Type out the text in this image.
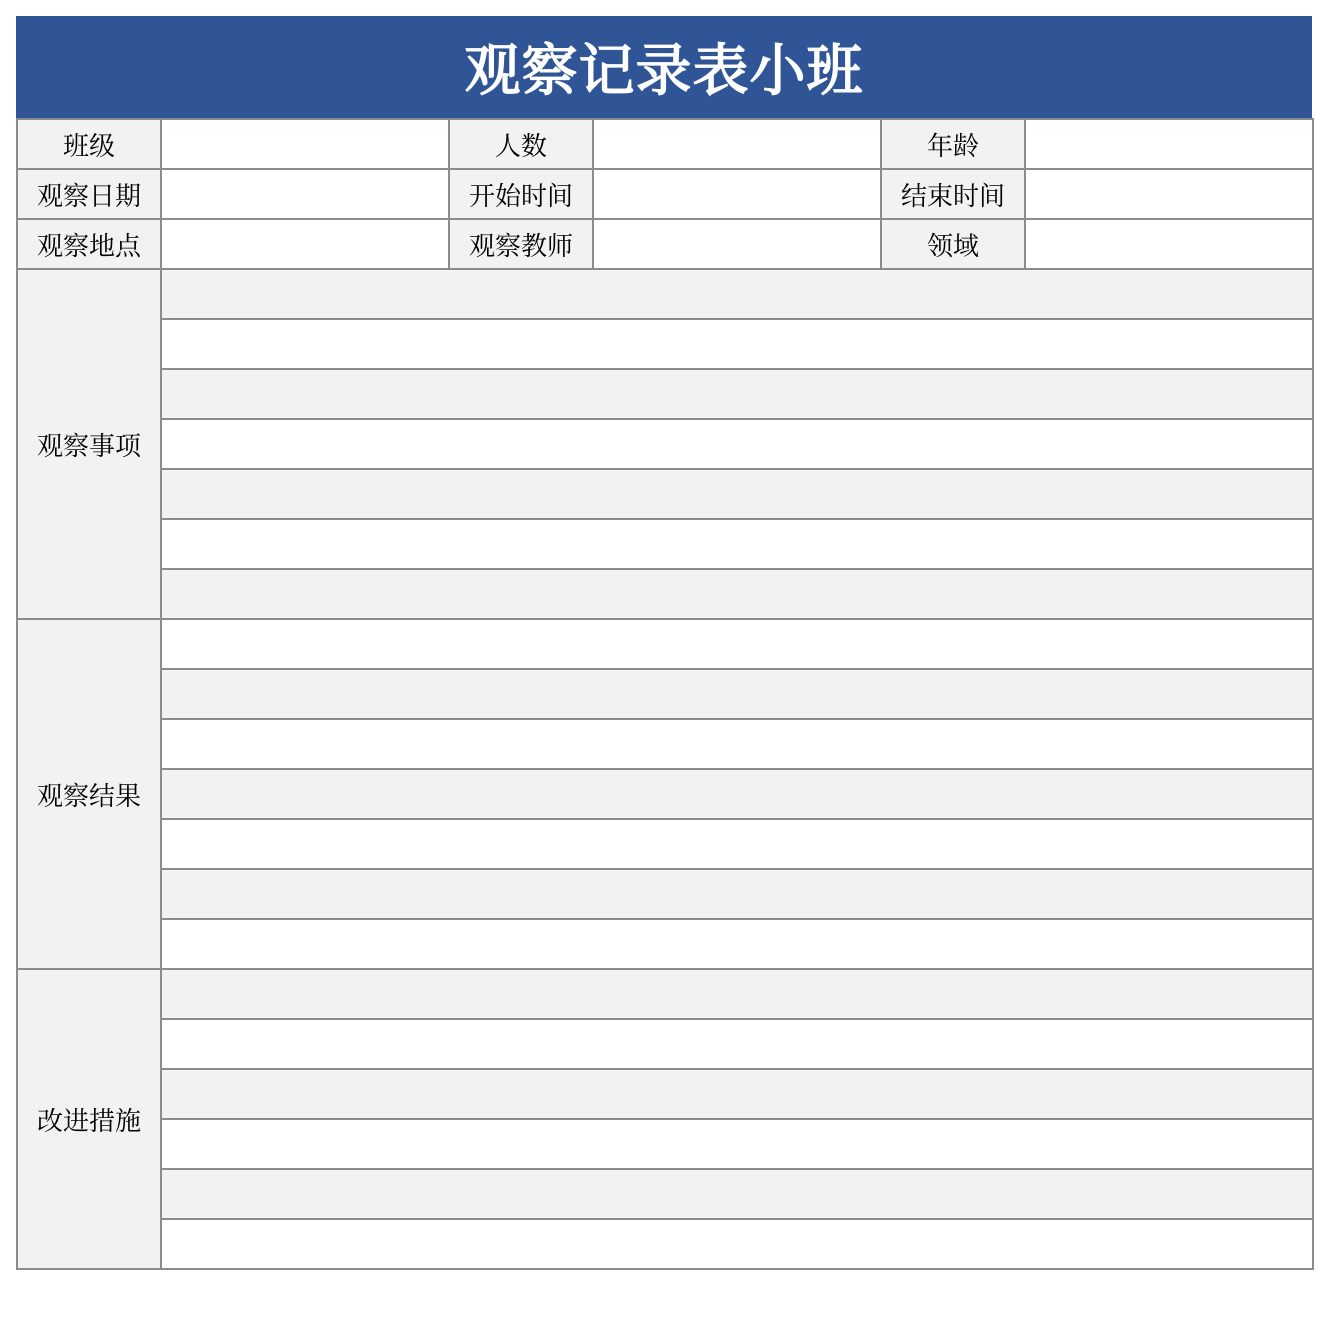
观察记录表小班
班级		人数		年龄	
观察日期		开始时间		结束时间	
观察地点		观察教师		领域	
观察事项					

观察结果					

改进措施					
